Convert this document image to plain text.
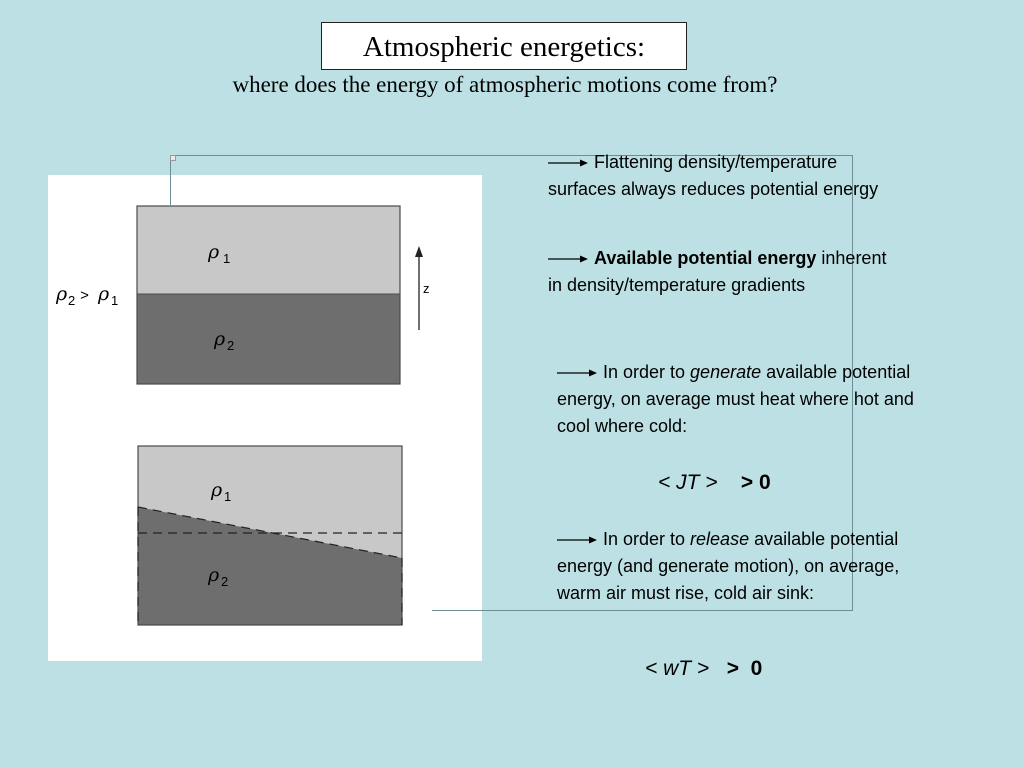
Atmospheric energetics:
where does the energy of atmospheric motions come from?
ρ 1
ρ 2
z
ρ 2 > ρ 1
ρ 1
ρ 2
Flattening density/temperature surfaces always reduces potential energy
Available potential energy inherent in density/temperature gradients
In order to generate available potential energy, on average must heat where hot and cool where cold:
< JT > > 0
In order to release available potential energy (and generate motion), on average, warm air must rise, cold air sink:
< wT > >  0
